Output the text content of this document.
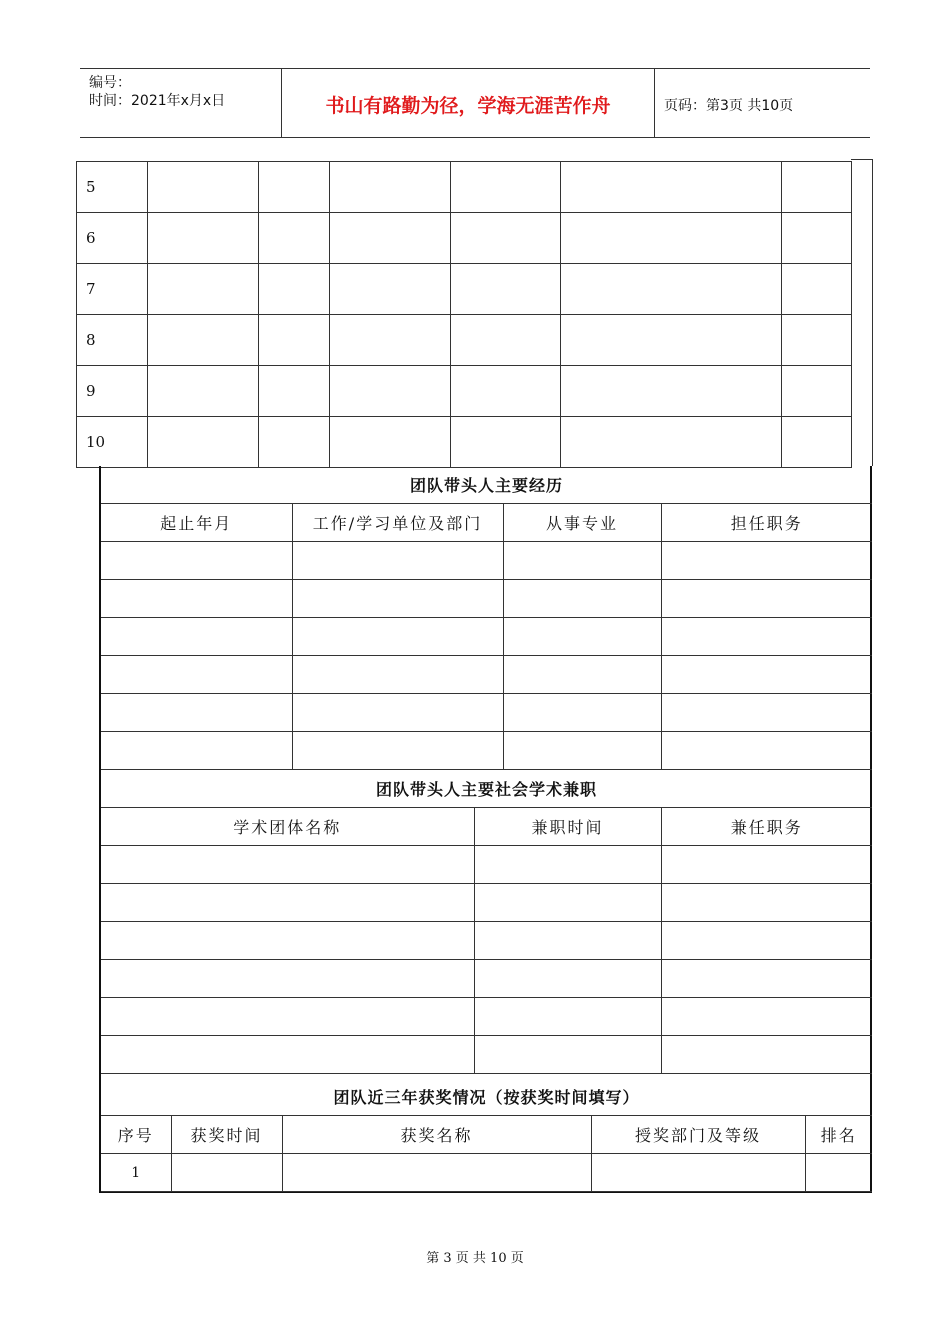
编号：
时间：2021年x月x日	书山有路勤为径，学海无涯苦作舟	页码：第3页 共10页
5						
6						
7						
8						
9						
10						
团队带头人主要经历			
起止年月	工作/学习单位及部门	从事专业	担任职务

团队带头人主要社会学术兼职		
学术团体名称	兼职时间	兼任职务

团队近三年获奖情况（按获奖时间填写）				
序号	获奖时间	获奖名称	授奖部门及等级	排名
1				
第 3 页 共 10 页
